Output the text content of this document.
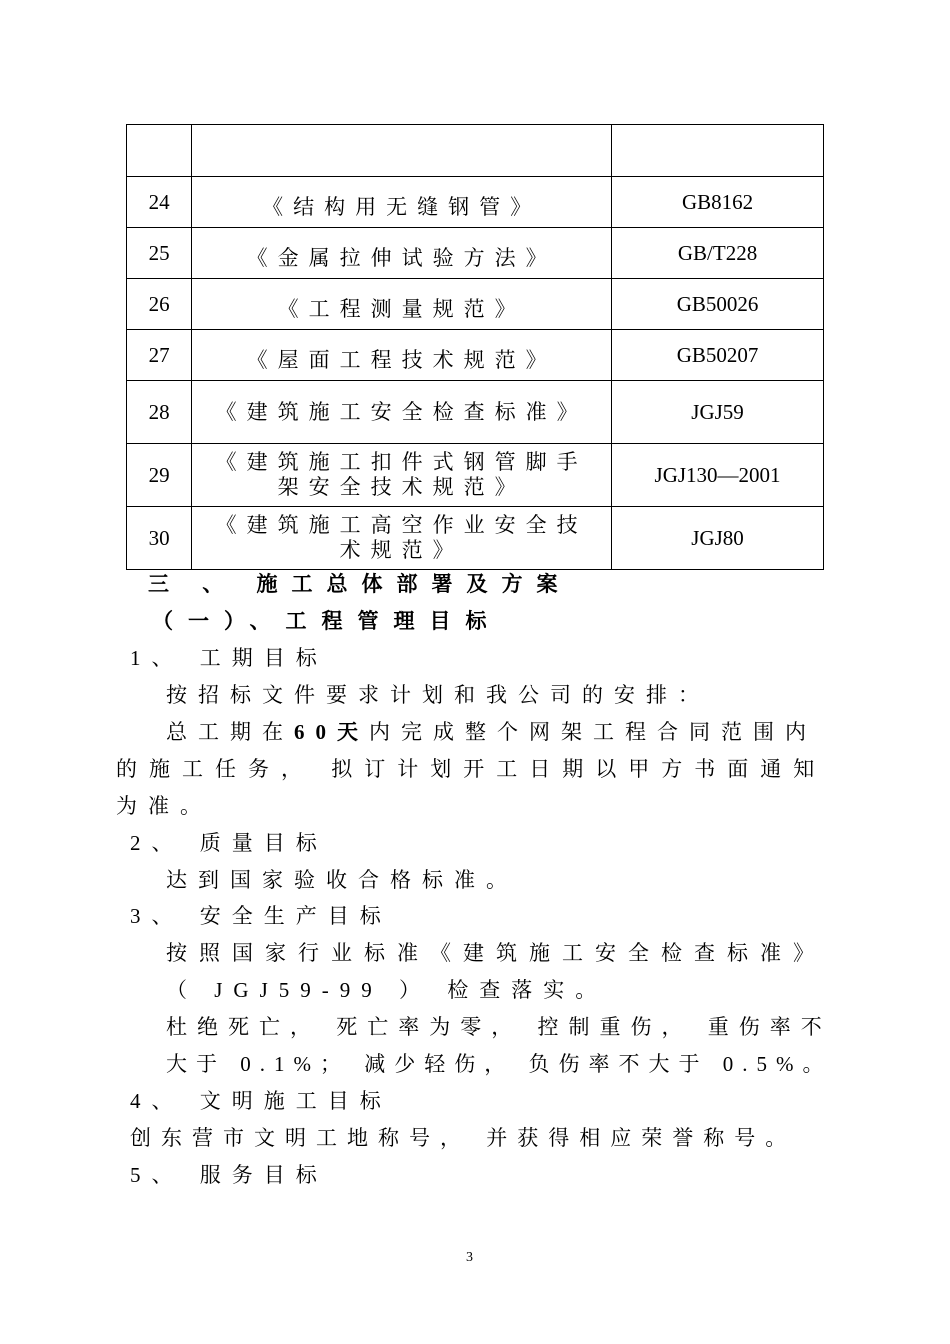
24	《结构用无缝钢管》	GB8162
25	《金属拉伸试验方法》	GB/T228
26	《工程测量规范》	GB50026
27	《屋面工程技术规范》	GB50207
28	《建筑施工安全检查标准》	JGJ59
29	《建筑施工扣件式钢管脚手架安全技术规范》	JGJ130—2001
30	《建筑施工高空作业安全技术规范》	JGJ80
三 、 施工总体部署及方案
（一）、工程管理目标
1、 工期目标
按招标文件要求计划和我公司的安排：
总工期在60天内完成整个网架工程合同范围内
的施工任务， 拟订计划开工日期以甲方书面通知
为准。
2、 质量目标
达到国家验收合格标准。
3、 安全生产目标
按照国家行业标准《建筑施工安全检查标准》
（ JGJ59-99 ） 检查落实。
杜绝死亡， 死亡率为零， 控制重伤， 重伤率不
大于 0.1%； 减少轻伤， 负伤率不大于 0.5%。
4、 文明施工目标
创东营市文明工地称号， 并获得相应荣誉称号。
5、 服务目标
3
